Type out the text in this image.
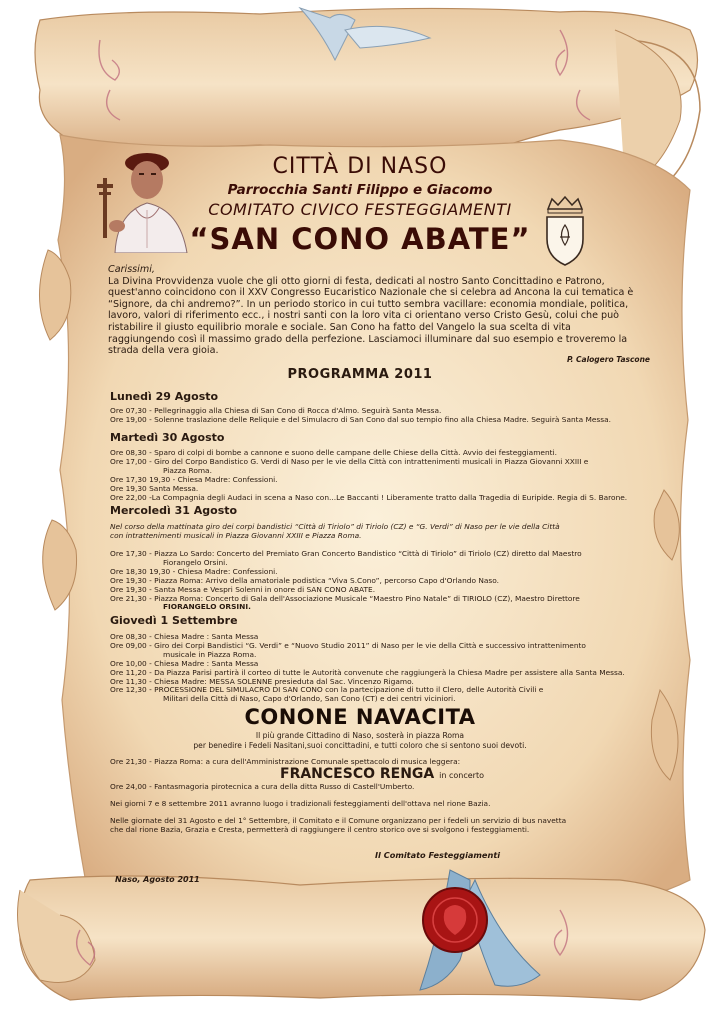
CITTÀ DI NASO
Parrocchia Santi Filippo e Giacomo
COMITATO CIVICO FESTEGGIAMENTI
“SAN CONO ABATE”

Carissimi,

La Divina Provvidenza vuole che gli otto giorni di festa, dedicati al nostro Santo Concittadino e Patrono,

quest'anno coincidono con il XXV Congresso Eucaristico Nazionale che si celebra ad Ancona la cui tematica è

“Signore, da chi andremo?”. In un periodo storico in cui tutto sembra vacillare: economia mondiale, politica,

lavoro, valori di riferimento ecc., i nostri santi con la loro vita ci orientano verso Cristo Gesù, colui che può

ristabilire il giusto equilibrio morale e sociale. San Cono ha fatto del Vangelo la sua scelta di vita

raggiungendo così il massimo grado della perfezione. Lasciamoci illuminare dal suo esempio e troveremo la

strada della vera gioia.

P. Calogero Tascone
PROGRAMMA 2011
Lunedì 29 Agosto
Ore 07,30 - Pellegrinaggio alla Chiesa di San Cono di Rocca d'Almo. Seguirà Santa Messa.
Ore 19,00 - Solenne traslazione delle Reliquie e del Simulacro di San Cono dal suo tempio fino alla Chiesa Madre. Seguirà Santa Messa.
Martedì 30 Agosto
Ore 08,30 - Sparo di colpi di bombe a cannone e suono delle campane delle Chiese della Città. Avvio dei festeggiamenti.
Ore 17,00 - Giro del Corpo Bandistico G. Verdi di Naso per le vie della Città con intrattenimenti musicali in Piazza Giovanni XXIII e
Piazza Roma.
Ore 17,30 19,30 - Chiesa Madre: Confessioni.
Ore 19,30 Santa Messa.
Ore 22,00 -La Compagnia degli Audaci in scena a Naso con...Le Baccanti ! Liberamente tratto dalla Tragedia di Euripide. Regia di S. Barone.
Mercoledì 31 Agosto
Nel corso della mattinata giro dei corpi bandistici “Città di Tiriolo” di Tiriolo (CZ) e “G. Verdi” di Naso per le vie della Città
con intrattenimenti musicali in Piazza Giovanni XXIII e Piazza Roma.
Ore 17,30 - Piazza Lo Sardo: Concerto del Premiato Gran Concerto Bandistico “Città di Tiriolo” di Tiriolo (CZ) diretto dal Maestro
Fiorangelo Orsini.
Ore 18,30 19,30 - Chiesa Madre: Confessioni.
Ore 19,30 - Piazza Roma: Arrivo della amatoriale podistica “Viva S.Cono”, percorso Capo d'Orlando Naso.
Ore 19,30 - Santa Messa e Vespri Solenni in onore di SAN CONO ABATE.
Ore 21,30 - Piazza Roma: Concerto di Gala dell'Associazione Musicale “Maestro Pino Natale” di TIRIOLO (CZ), Maestro Direttore
FIORANGELO ORSINI.
Giovedì 1 Settembre
Ore 08,30 - Chiesa Madre : Santa Messa
Ore 09,00 - Giro dei Corpi Bandistici “G. Verdi” e “Nuovo Studio 2011” di Naso per le vie della Città e successivo intrattenimento
musicale in Piazza Roma.
Ore 10,00 - Chiesa Madre : Santa Messa
Ore 11,20 - Da Piazza Parisi partirà il corteo di tutte le Autorità convenute che raggiungerà la Chiesa Madre per assistere alla Santa Messa.
Ore 11,30 - Chiesa Madre: MESSA SOLENNE presieduta dal Sac. Vincenzo Rigamo.
Ore 12,30 - PROCESSIONE DEL SIMULACRO DI SAN CONO con la partecipazione di tutto il Clero, delle Autorità Civili e
Militari della Città di Naso, Capo d'Orlando, San Cono (CT) e dei centri viciniori.
CONONE NAVACITA
Il più grande Cittadino di Naso, sosterà in piazza Roma
per benedire i Fedeli Nasitani,suoi concittadini, e tutti coloro che si sentono suoi devoti.
Ore 21,30 - Piazza Roma: a cura dell'Amministrazione Comunale spettacolo di musica leggera:
FRANCESCO RENGA in concerto
Ore 24,00 - Fantasmagoria pirotecnica a cura della ditta Russo di Castell'Umberto.
Nei giorni 7 e 8 settembre 2011 avranno luogo i tradizionali festeggiamenti dell'ottava nel rione Bazia.
Nelle giornate del 31 Agosto e del 1° Settembre, il Comitato e il Comune organizzano per i fedeli un servizio di bus navetta
che dal rione Bazia, Grazia e Cresta, permetterà di raggiungere il centro storico ove si svolgono i festeggiamenti.
Il Comitato Festeggiamenti
Naso, Agosto 2011
